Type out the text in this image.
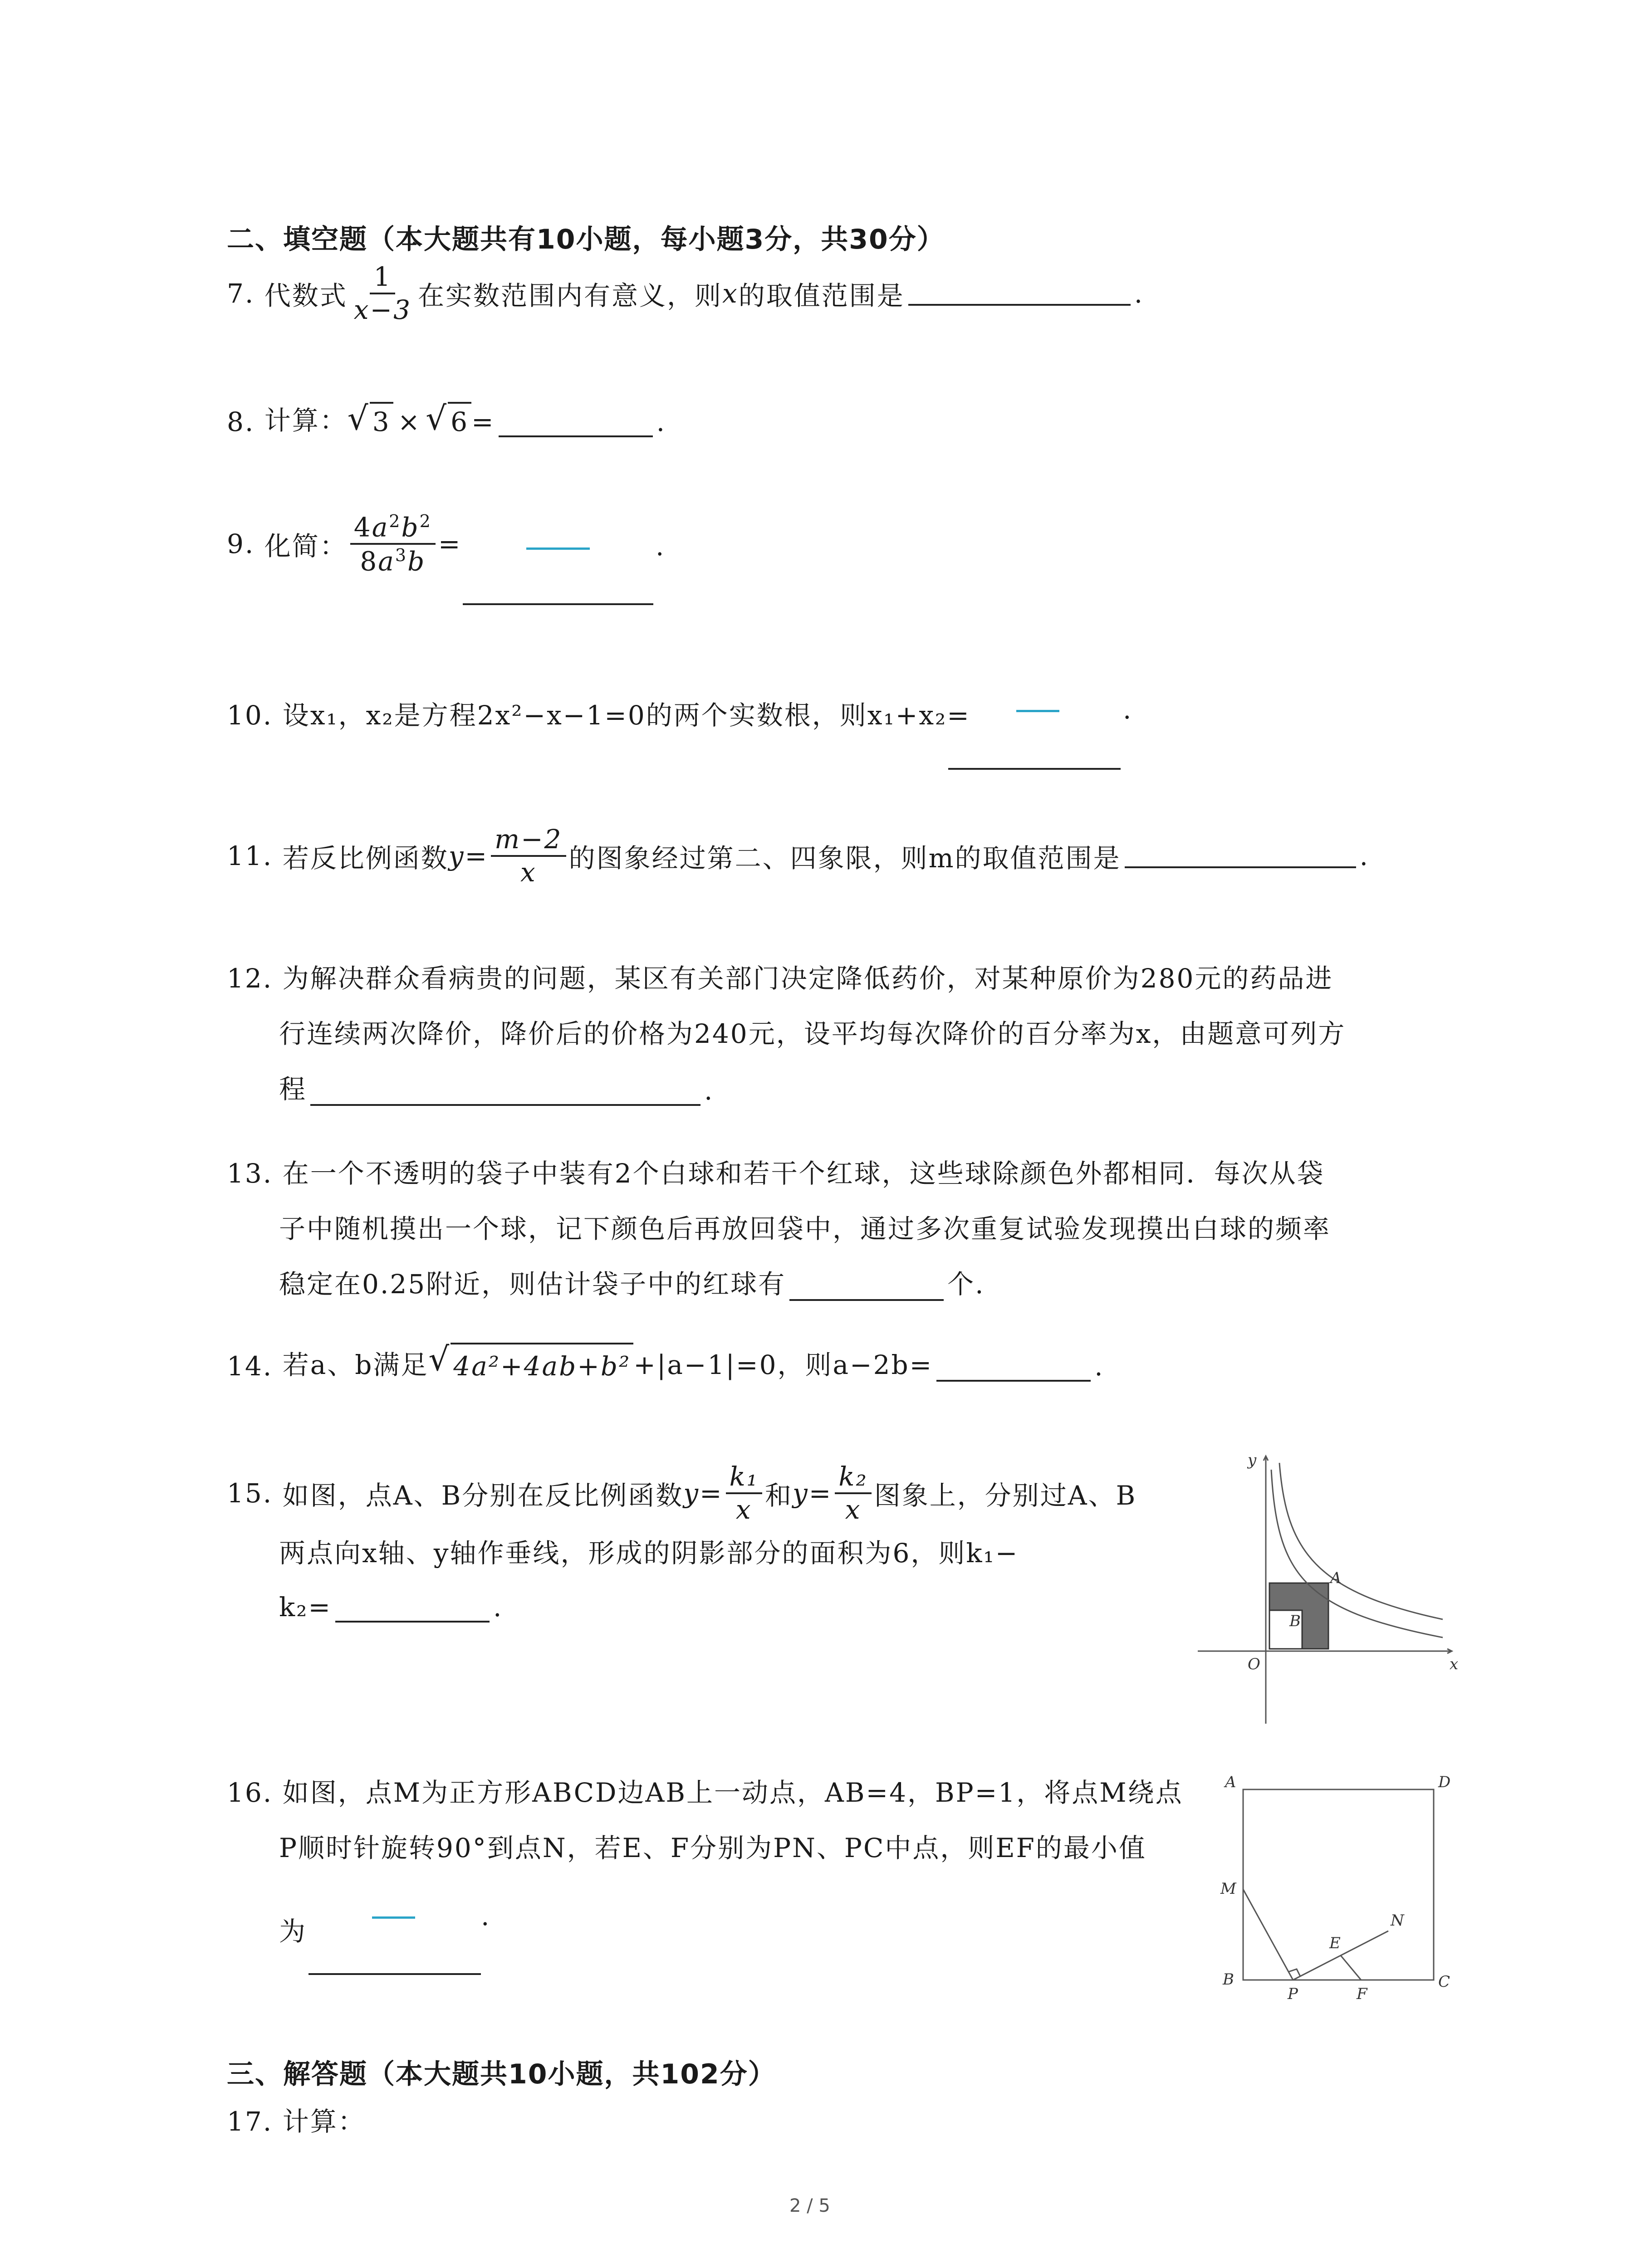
二、填空题（本大题共有10小题，每小题3分，共30分）
7.
代数式 $\frac{1}{x-3}$ 在实数范围内有意义，则 x 的取值范围是	.
8.
计算： √ 3 × √ 6 =	.
9.
化简： $\frac{4a^2b^2}{8a^3b}$ =	.
10. 设x₁，x₂是方程2x²−x−1=0的两个实数根，则x₁+x₂=	.
11.
若反比例函数 $y= \frac{m-2}{x}$ 的图象经过第二、四象限，则m的取值范围是	.
12. 为解决群众看病贵的问题，某区有关部门决定降低药价，对某种原价为280元的药品进
行连续两次降价，降价后的价格为240元，设平均每次降价的百分率为x，由题意可列方
程	.
13. 在一个不透明的袋子中装有2个白球和若干个红球，这些球除颜色外都相同．每次从袋
子中随机摸出一个球，记下颜色后再放回袋中，通过多次重复试验发现摸出白球的频率
稳定在0.25附近，则估计袋子中的红球有	个.
14.
若a、b满足 √ 4a²+4ab+b² +|a−1|=0，则a−2b=	.
15.
如图，点A、B分别在反比例函数 $y= \frac{\text{k₁}}{x}$ 和 $y= \frac{\text{k₂}}{x}$ 图象上，分别过A、B
两点向x轴、y轴作垂线，形成的阴影部分的面积为6，则k₁−
k₂=	.
y
x
O
A
B
16. 如图，点M为正方形ABCD边AB上一动点，AB=4，BP=1，将点M绕点
P顺时针旋转90°到点N，若E、F分别为PN、PC中点，则EF的最小值
为	.
A	D
M
N
E
B
P	F
C
三、解答题（本大题共10小题，共102分）
17. 计算：
2 / 5
